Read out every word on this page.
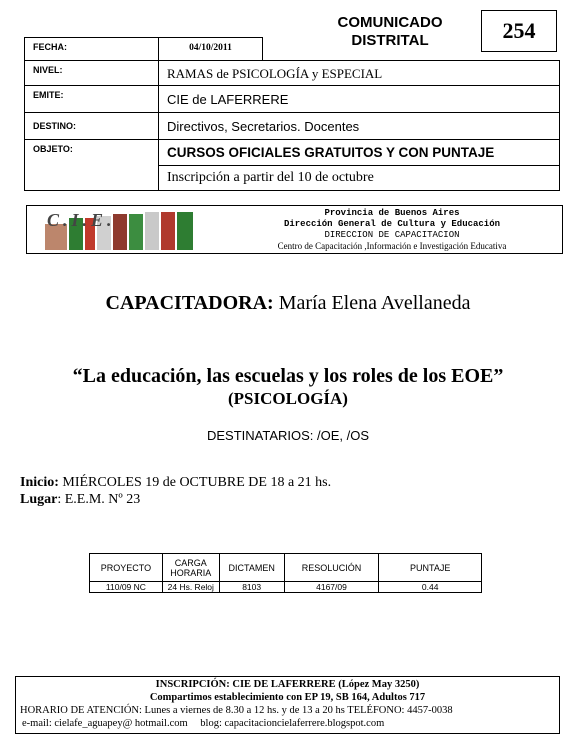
COMUNICADO
DISTRITAL	254
FECHA:	04/10/2011
NIVEL:	RAMAS de PSICOLOGÍA y ESPECIAL
EMITE:	CIE de LAFERRERE
DESTINO:	Directivos, Secretarios. Docentes
OBJETO:	CURSOS OFICIALES GRATUITOS Y CON PUNTAJE
Inscripción a partir del 10 de octubre
C.I.E.	Provincia de Buenos Aires
Dirección General de Cultura y Educación
DIRECCION DE CAPACITACION
Centro de Capacitación ,Información e Investigación Educativa
CAPACITADORA: María Elena Avellaneda
“La educación, las escuelas y los roles de los EOE”
(PSICOLOGÍA)
DESTINATARIOS: /OE, /OS
Inicio: MIÉRCOLES 19 de OCTUBRE DE 18 a 21 hs.
Lugar: E.E.M. Nº 23
PROYECTO	CARGA HORARIA	DICTAMEN	RESOLUCIÓN	PUNTAJE
110/09 NC	24 Hs. Reloj	8103	4167/09	0.44
INSCRIPCIÓN: CIE DE LAFERRERE (López May 3250)
Compartimos establecimiento con EP 19, SB 164, Adultos 717
HORARIO DE ATENCIÓN: Lunes a viernes de 8.30 a 12 hs. y de 13 a 20 hs TELÉFONO: 4457-0038
e-mail: cielafe_aguapey@ hotmail.com blog: capacitacioncielaferrere.blogspot.com
